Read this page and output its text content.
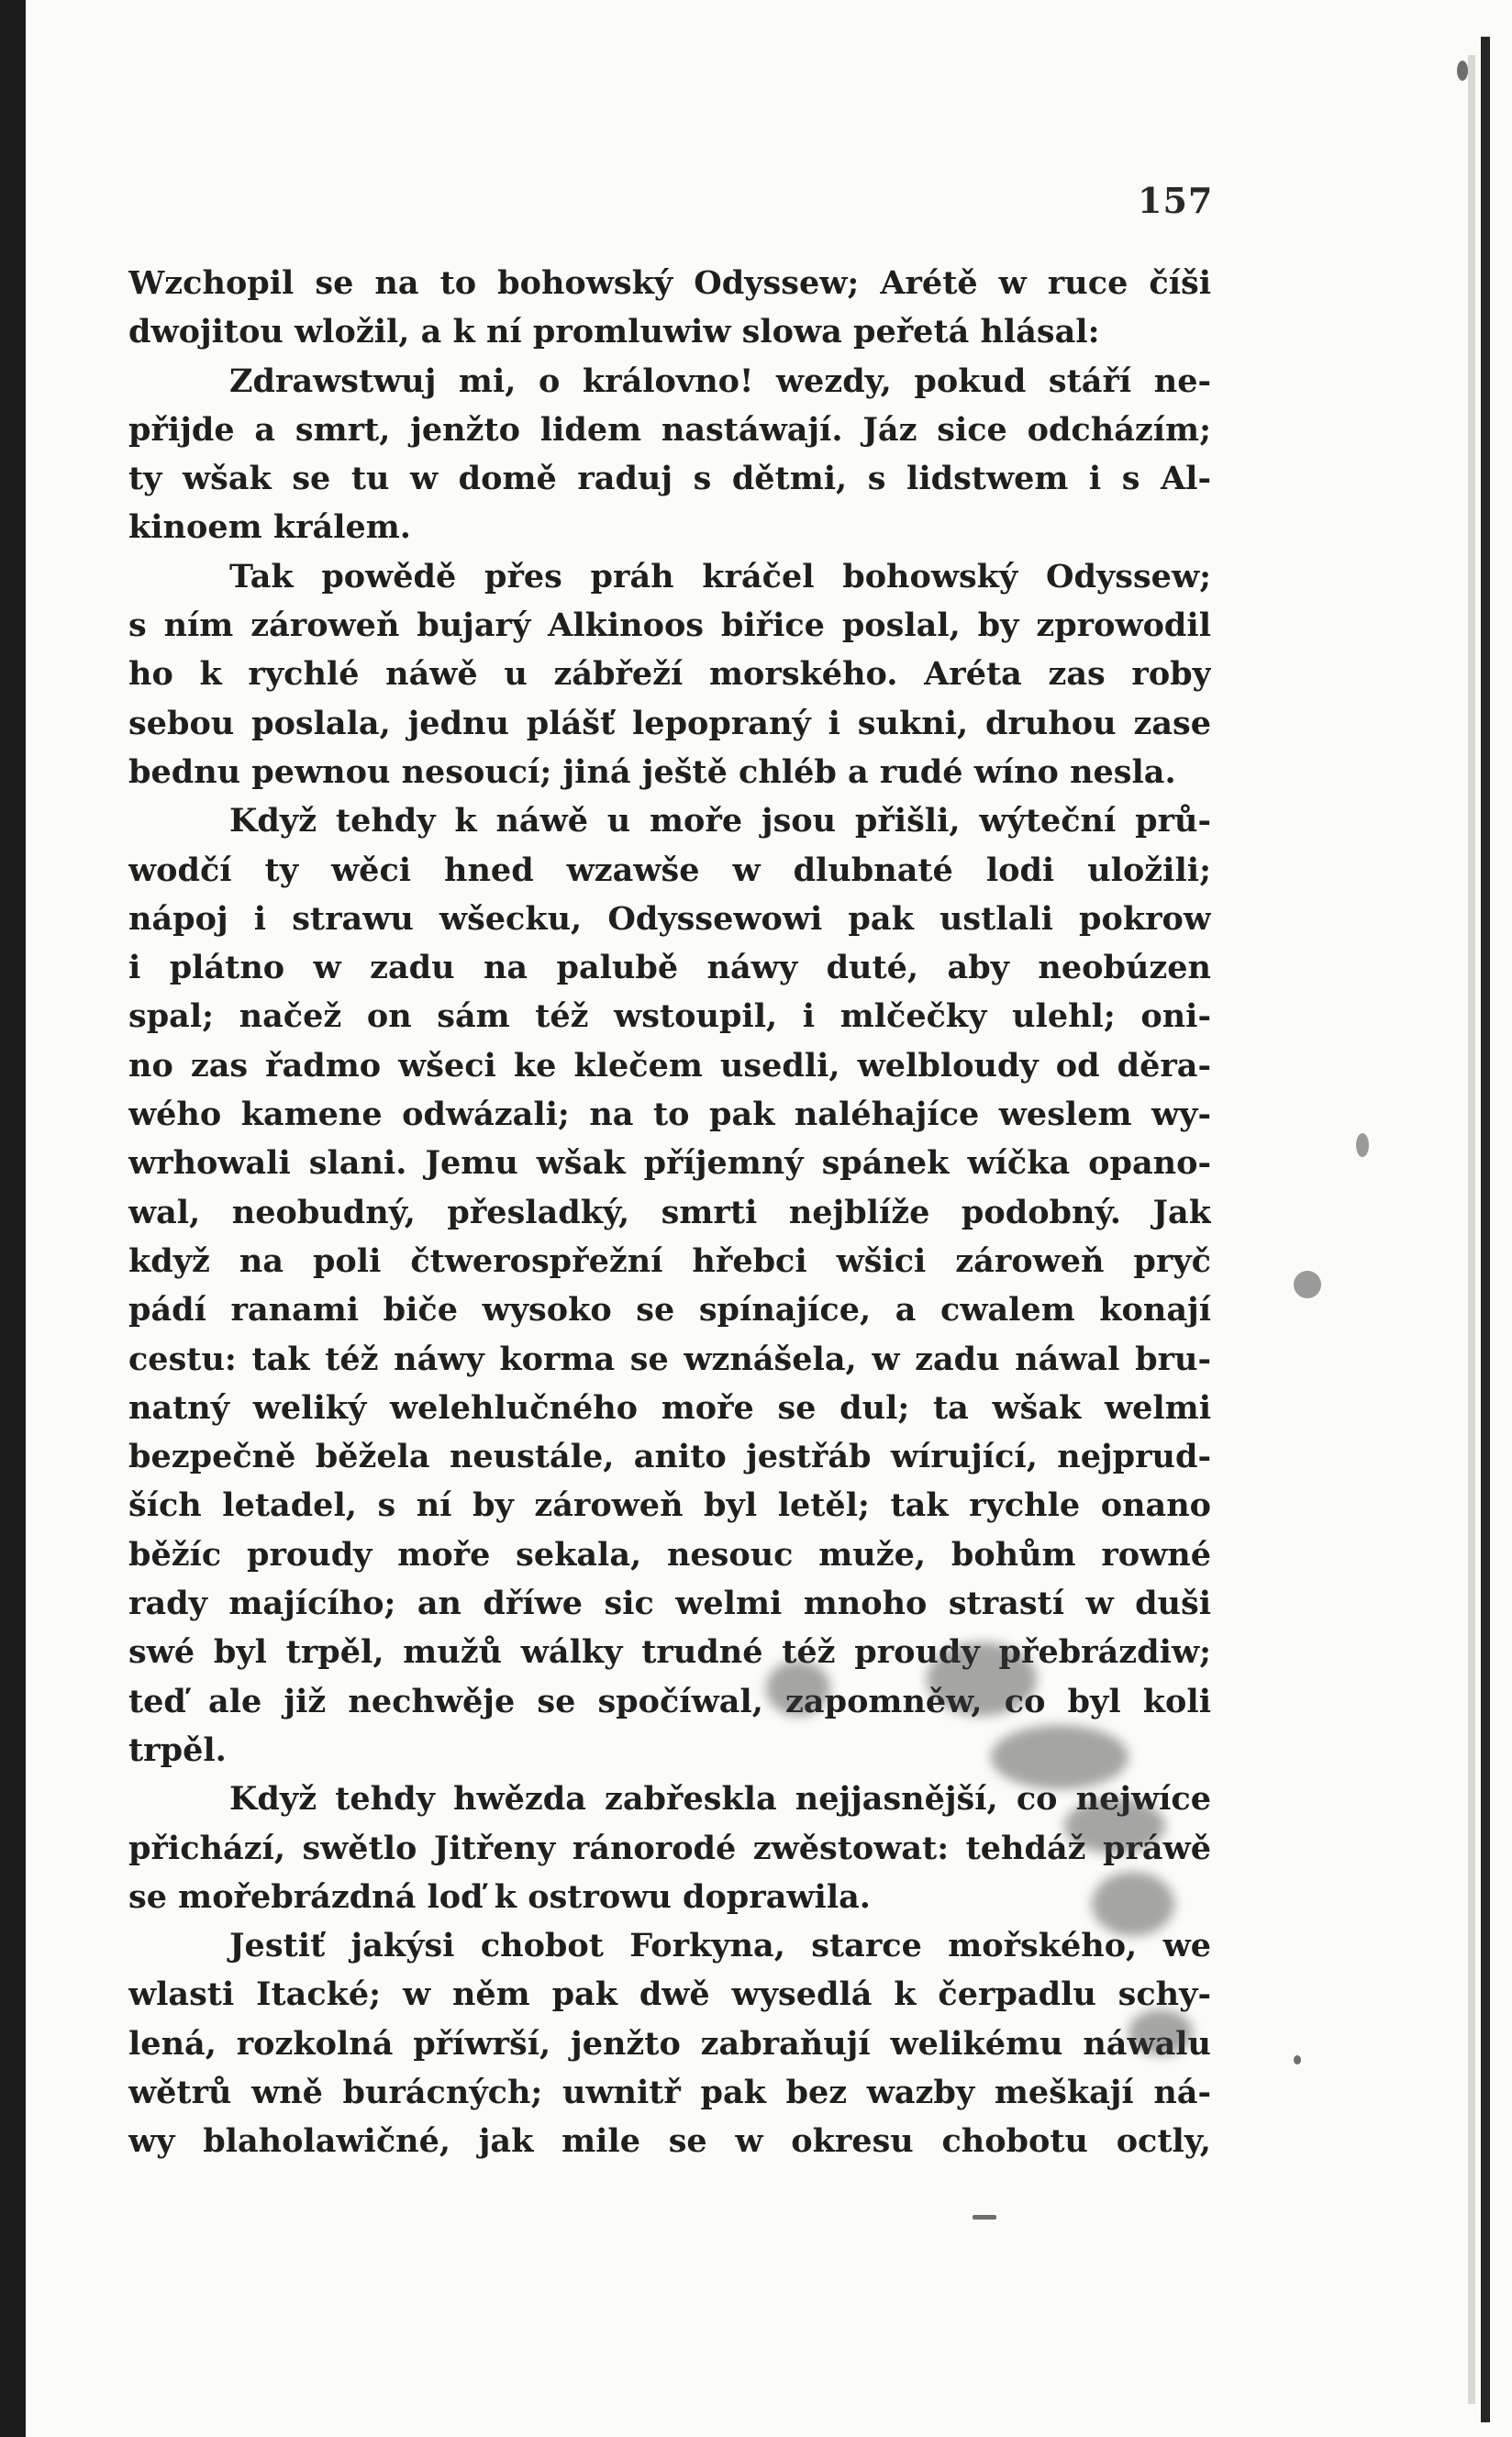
157
Wzchopil se na to bohowský Odyssew; Arétě w ruce číši
dwojitou wložil, a k ní promluwiw slowa peřetá hlásal:
Zdrawstwuj mi, o královno! wezdy, pokud stáří ne-
přijde a smrt, jenžto lidem nastáwají. Jáz sice odcházím;
ty wšak se tu w domě raduj s dětmi, s lidstwem i s Al-
kinoem králem.
Tak powědě přes práh kráčel bohowský Odyssew;
s ním zároweň bujarý Alkinoos biřice poslal, by zprowodil
ho k rychlé náwě u zábřeží morského. Aréta zas roby
sebou poslala, jednu plášť lepopraný i sukni, druhou zase
bednu pewnou nesoucí; jiná ještě chléb a rudé wíno nesla.
Když tehdy k náwě u moře jsou přišli, wýteční prů-
wodčí ty wěci hned wzawše w dlubnaté lodi uložili;
nápoj i strawu wšecku, Odyssewowi pak ustlali pokrow
i plátno w zadu na palubě náwy duté, aby neobúzen
spal; načež on sám též wstoupil, i mlčečky ulehl; oni-
no zas řadmo wšeci ke klečem usedli, welbloudy od děra-
wého kamene odwázali; na to pak naléhajíce weslem wy-
wrhowali slani. Jemu wšak příjemný spánek wíčka opano-
wal, neobudný, přesladký, smrti nejblíže podobný. Jak
když na poli čtwerospřežní hřebci wšici zároweň pryč
pádí ranami biče wysoko se spínajíce, a cwalem konají
cestu: tak též náwy korma se wznášela, w zadu náwal bru-
natný weliký welehlučného moře se dul; ta wšak welmi
bezpečně běžela neustále, anito jestřáb wírující, nejprud-
ších letadel, s ní by zároweň byl letěl; tak rychle onano
běžíc proudy moře sekala, nesouc muže, bohům rowné
rady majícího; an dříwe sic welmi mnoho strastí w duši
swé byl trpěl, mužů wálky trudné též proudy přebrázdiw;
teď ale již nechwěje se spočíwal, zapomněw, co byl koli
trpěl.
Když tehdy hwězda zabřeskla nejjasnější, co nejwíce
přichází, swětlo Jitřeny ránorodé zwěstowat: tehdáž práwě
se mořebrázdná loď k ostrowu doprawila.
Jestiť jakýsi chobot Forkyna, starce mořského, we
wlasti Itacké; w něm pak dwě wysedlá k čerpadlu schy-
lená, rozkolná příwrší, jenžto zabraňují welikému náwalu
wětrů wně burácných; uwnitř pak bez wazby meškají ná-
wy blaholawičné, jak mile se w okresu chobotu octly,
